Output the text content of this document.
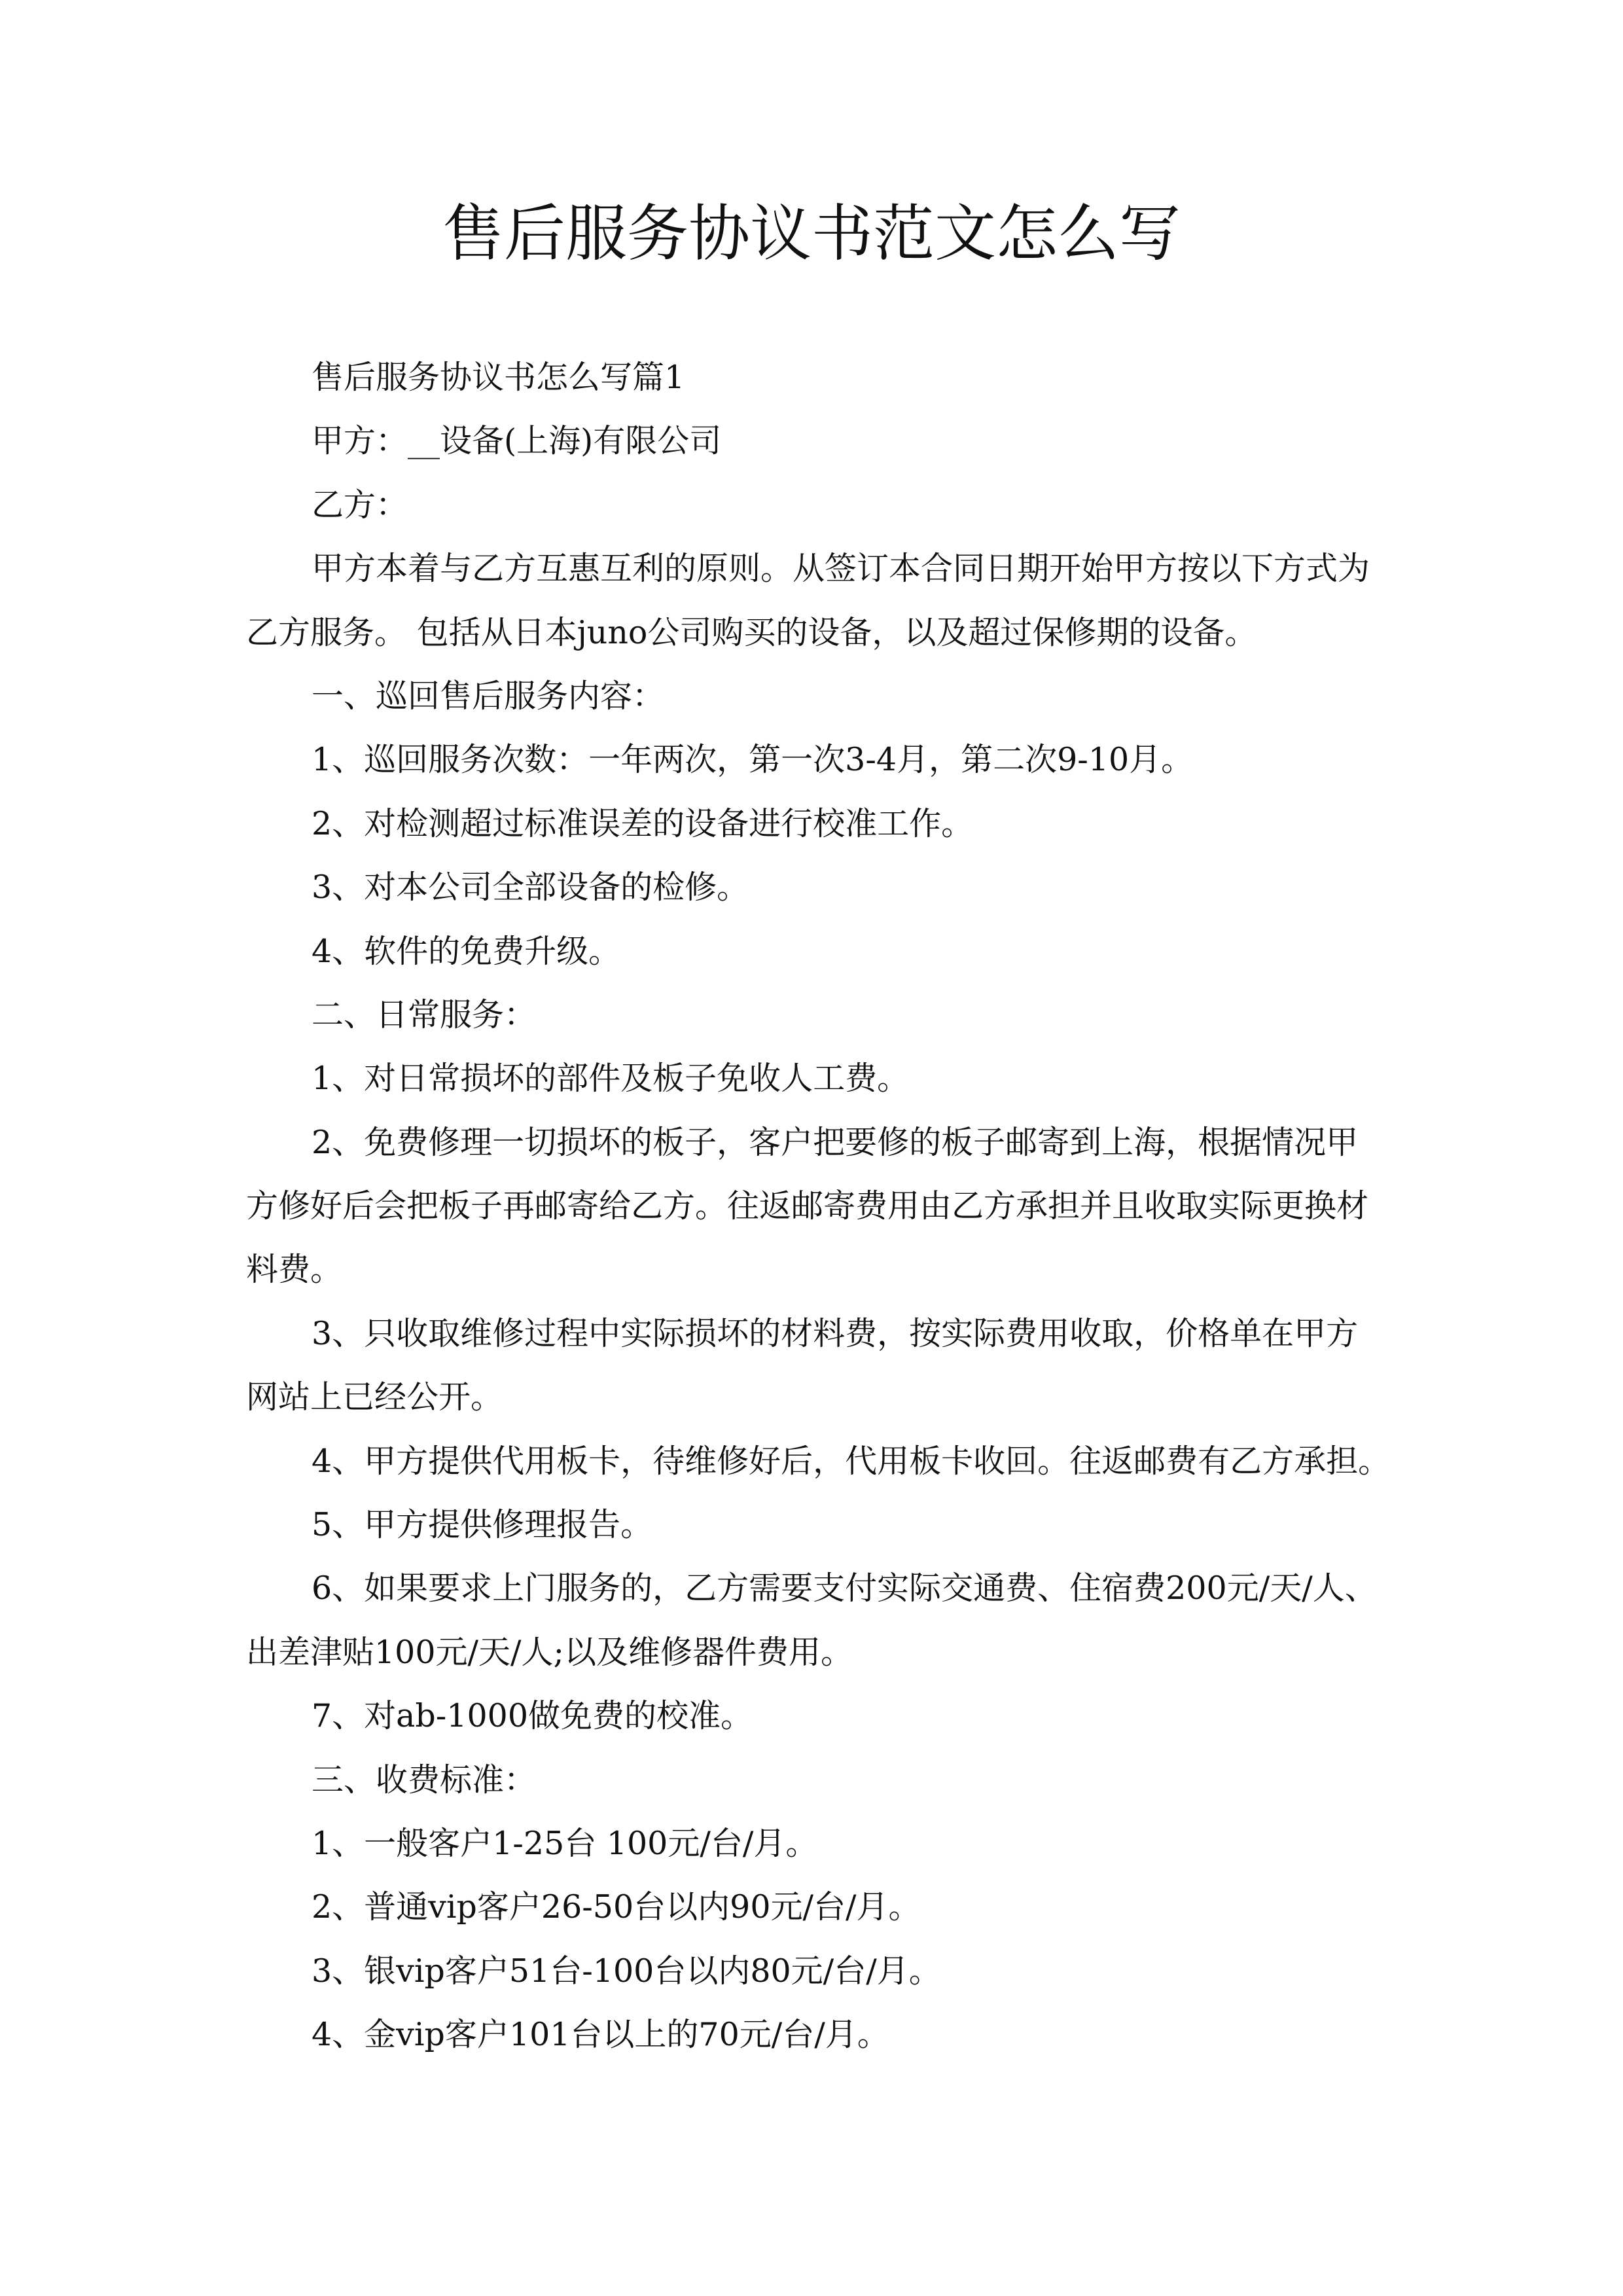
售后服务协议书范文怎么写
售后服务协议书怎么写篇1
甲方：__设备(上海)有限公司
乙方：
甲方本着与乙方互惠互利的原则。从签订本合同日期开始甲方按以下方式为
乙方服务。 包括从日本juno公司购买的设备，以及超过保修期的设备。
一、巡回售后服务内容：
1、巡回服务次数：一年两次，第一次3-4月，第二次9-10月。
2、对检测超过标准误差的设备进行校准工作。
3、对本公司全部设备的检修。
4、软件的免费升级。
二、日常服务：
1、对日常损坏的部件及板子免收人工费。
2、免费修理一切损坏的板子，客户把要修的板子邮寄到上海，根据情况甲
方修好后会把板子再邮寄给乙方。往返邮寄费用由乙方承担并且收取实际更换材
料费。
3、只收取维修过程中实际损坏的材料费，按实际费用收取，价格单在甲方
网站上已经公开。
4、甲方提供代用板卡，待维修好后，代用板卡收回。往返邮费有乙方承担。
5、甲方提供修理报告。
6、如果要求上门服务的，乙方需要支付实际交通费、住宿费200元/天/人、
出差津贴100元/天/人;以及维修器件费用。
7、对ab-1000做免费的校准。
三、收费标准：
1、一般客户1-25台 100元/台/月。
2、普通vip客户26-50台以内90元/台/月。
3、银vip客户51台-100台以内80元/台/月。
4、金vip客户101台以上的70元/台/月。
